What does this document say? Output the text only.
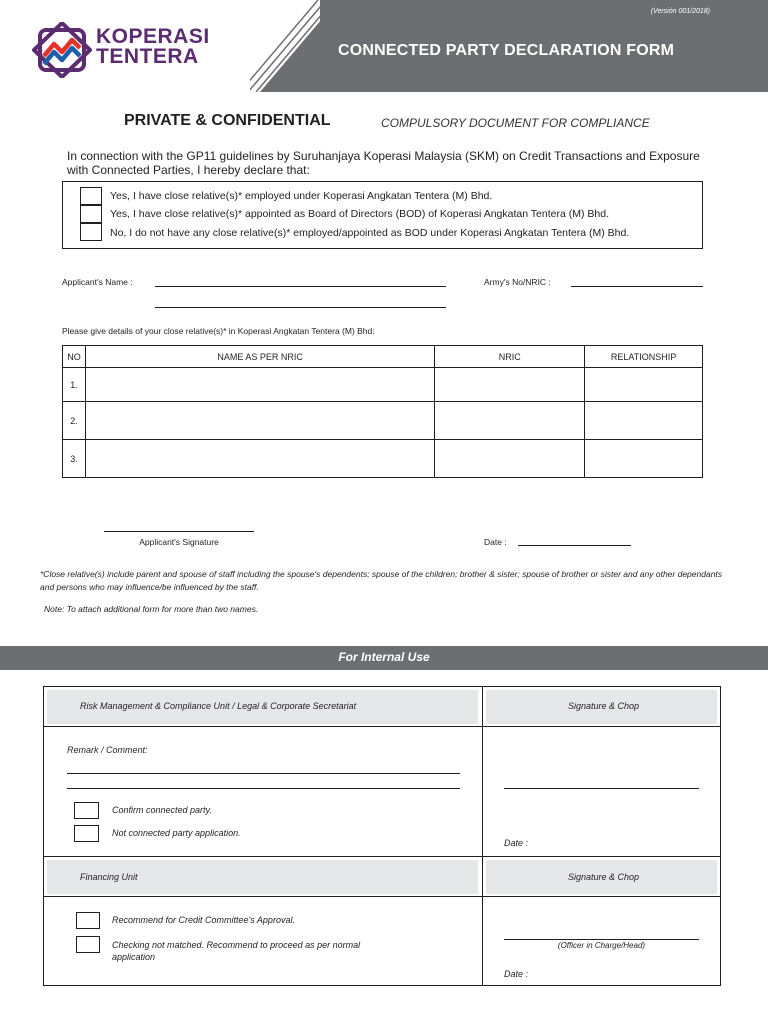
(Versión 001/2018)
CONNECTED PARTY DECLARATION FORM
KOPERASI
TENTERA
PRIVATE & CONFIDENTIAL	COMPULSORY DOCUMENT FOR COMPLIANCE
In connection with the GP11 guidelines by Suruhanjaya Koperasi Malaysia (SKM) on Credit Transactions and Exposure with Connected Parties, I hereby declare that:
Yes, I have close relative(s)* employed under Koperasi Angkatan Tentera (M) Bhd.
Yes, I have close relative(s)* appointed as Board of Directors (BOD) of Koperasi Angkatan Tentera (M) Bhd.
No, I do not have any close relative(s)* employed/appointed as BOD under Koperasi Angkatan Tentera (M) Bhd.
Applicant's Name :	Army's No/NRIC :
Please give details of your close relative(s)* in Koperasi Angkatan Tentera (M) Bhd:
NO	NAME AS PER NRIC	NRIC	RELATIONSHIP
1.			
2.			
3.			
Applicant's Signature	Date :
*Close relative(s) include parent and spouse of staff including the spouse's dependents; spouse of the children; brother & sister; spouse of brother or sister and any other dependants and persons who may influence/be influenced by the staff.
Note: To attach additional form for more than two names.
For Internal Use
Risk Management & Compliance Unit / Legal & Corporate Secretariat	Signature & Chop
Remark / Comment:
Confirm connected party.
Not connected party application.
Date :
Financing Unit	Signature & Chop
Recommend for Credit Committee's Approval.
Checking not matched. Recommend to proceed as per normal application
(Officer in Charge/Head)
Date :
